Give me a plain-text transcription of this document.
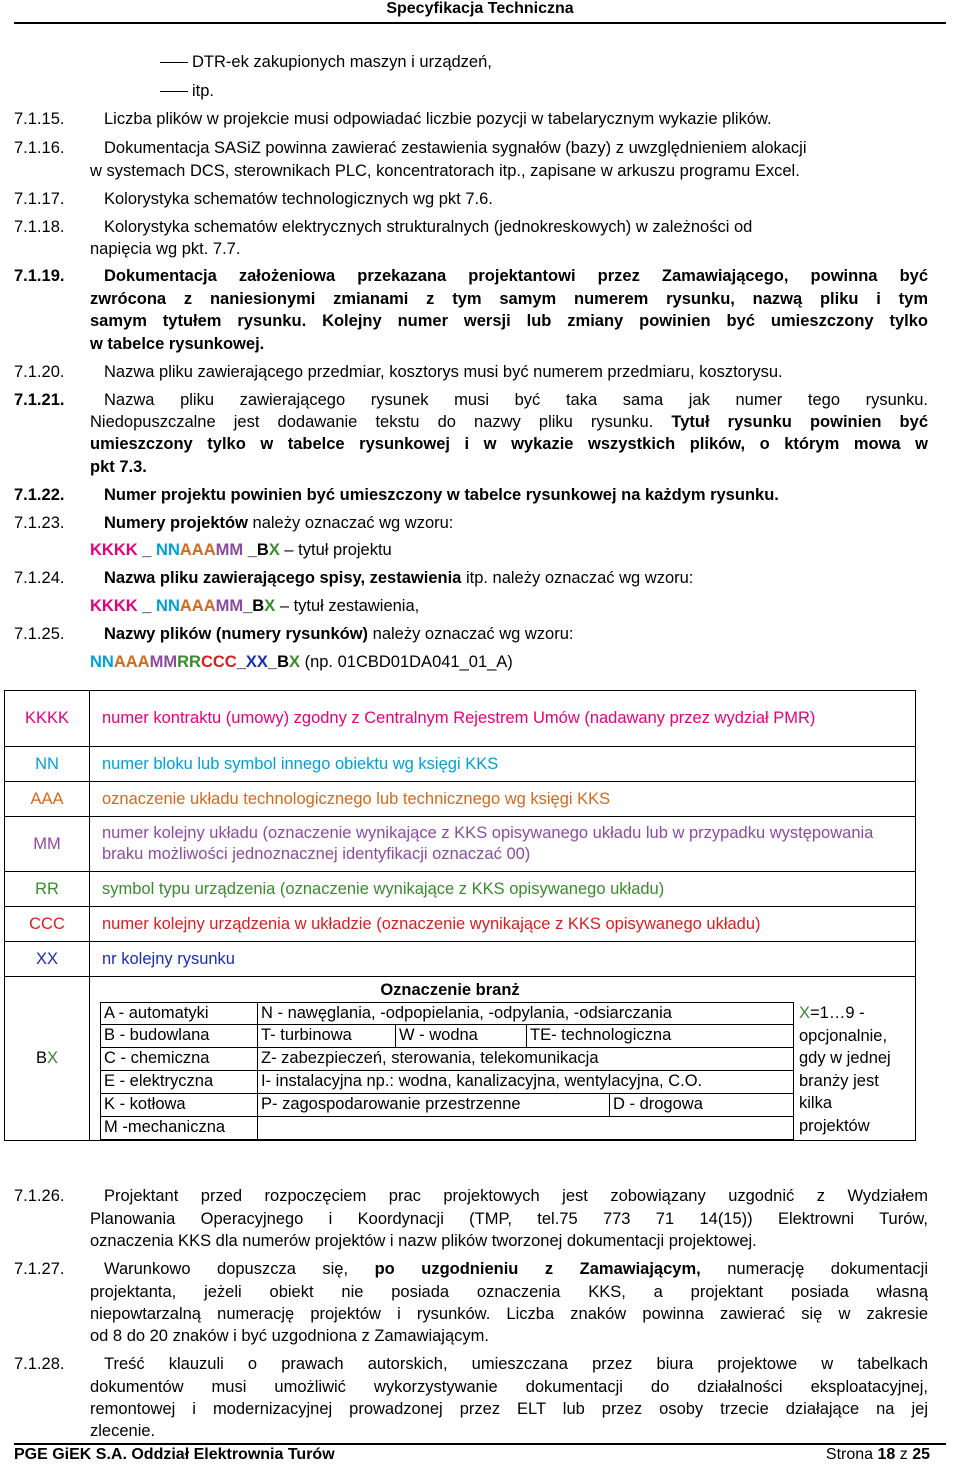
Specyfikacja Techniczna
DTR-ek zakupionych maszyn i urządzeń,
itp.
7.1.15. Liczba plików w projekcie musi odpowiadać liczbie pozycji w tabelarycznym wykazie plików.
7.1.16. Dokumentacja SASiZ powinna zawierać zestawienia sygnałów (bazy) z uwzględnieniem alokacji
w systemach DCS, sterownikach PLC, koncentratorach itp., zapisane w arkuszu programu Excel.
7.1.17. Kolorystyka schematów technologicznych wg pkt 7.6.
7.1.18. Kolorystyka schematów elektrycznych strukturalnych (jednokreskowych) w zależności od
napięcia wg pkt. 7.7.
7.1.19. Dokumentacja założeniowa przekazana projektantowi przez Zamawiającego, powinna być
zwrócona z naniesionymi zmianami z tym samym numerem rysunku, nazwą pliku i tym
samym tytułem rysunku. Kolejny numer wersji lub zmiany powinien być umieszczony tylko
w tabelce rysunkowej.
7.1.20. Nazwa pliku zawierającego przedmiar, kosztorys musi być numerem przedmiaru, kosztorysu.
7.1.21. Nazwa pliku zawierającego rysunek musi być taka sama jak numer tego rysunku.
Niedopuszczalne jest dodawanie tekstu do nazwy pliku rysunku. Tytuł rysunku powinien być
umieszczony tylko w tabelce rysunkowej i w wykazie wszystkich plików, o którym mowa w
pkt 7.3.
7.1.22. Numer projektu powinien być umieszczony w tabelce rysunkowej na każdym rysunku.
7.1.23. Numery projektów należy oznaczać wg wzoru:
KKKK _ NNAAAMM _BX – tytuł projektu
7.1.24. Nazwa pliku zawierającego spisy, zestawienia itp. należy oznaczać wg wzoru:
KKKK _ NNAAAMM_BX – tytuł zestawienia,
7.1.25. Nazwy plików (numery rysunków) należy oznaczać wg wzoru:
NNAAAMMRRCCC_XX_BX (np. 01CBD01DA041_01_A)
KKKK	numer kontraktu (umowy) zgodny z Centralnym Rejestrem Umów (nadawany przez wydział PMR)
NN	numer bloku lub symbol innego obiektu wg księgi KKS
AAA	oznaczenie układu technologicznego lub technicznego wg księgi KKS
MM	numer kolejny układu (oznaczenie wynikające z KKS opisywanego układu lub w przypadku występowania braku możliwości jednoznacznej identyfikacji oznaczać 00)
RR	symbol typu urządzenia (oznaczenie wynikające z KKS opisywanego układu)
CCC	numer kolejny urządzenia w układzie (oznaczenie wynikające z KKS opisywanego układu)
XX	nr kolejny rysunku
BX	
Oznaczenie branż
A - automatyki	N - nawęglania, -odpopielania, -odpylania, -odsiarczania
B - budowlana	T- turbinowa	W - wodna	TE- technologiczna
C - chemiczna	Z- zabezpieczeń, sterowania, telekomunikacja
E - elektryczna	I- instalacyjna np.: wodna, kanalizacyjna, wentylacyjna, C.O.
K - kotłowa	P- zagospodarowanie przestrzenne	D - drogowa
M -mechaniczna
X=1…9 -
opcjonalnie,
gdy w jednej
branży jest
kilka
projektów
7.1.26. Projektant przed rozpoczęciem prac projektowych jest zobowiązany uzgodnić z Wydziałem
Planowania Operacyjnego i Koordynacji (TMP, tel.75 773 71 14(15)) Elektrowni Turów,
oznaczenia KKS dla numerów projektów i nazw plików tworzonej dokumentacji projektowej.
7.1.27. Warunkowo dopuszcza się, po uzgodnieniu z Zamawiającym, numerację dokumentacji
projektanta, jeżeli obiekt nie posiada oznaczenia KKS, a projektant posiada własną
niepowtarzalną numerację projektów i rysunków. Liczba znaków powinna zawierać się w zakresie
od 8 do 20 znaków i być uzgodniona z Zamawiającym.
7.1.28. Treść klauzuli o prawach autorskich, umieszczana przez biura projektowe w tabelkach
dokumentów musi umożliwić wykorzystywanie dokumentacji do działalności eksploatacyjnej,
remontowej i modernizacyjnej prowadzonej przez ELT lub przez osoby trzecie działające na jej
zlecenie.
PGE GiEK S.A. Oddział Elektrownia Turów	Strona 18 z 25
